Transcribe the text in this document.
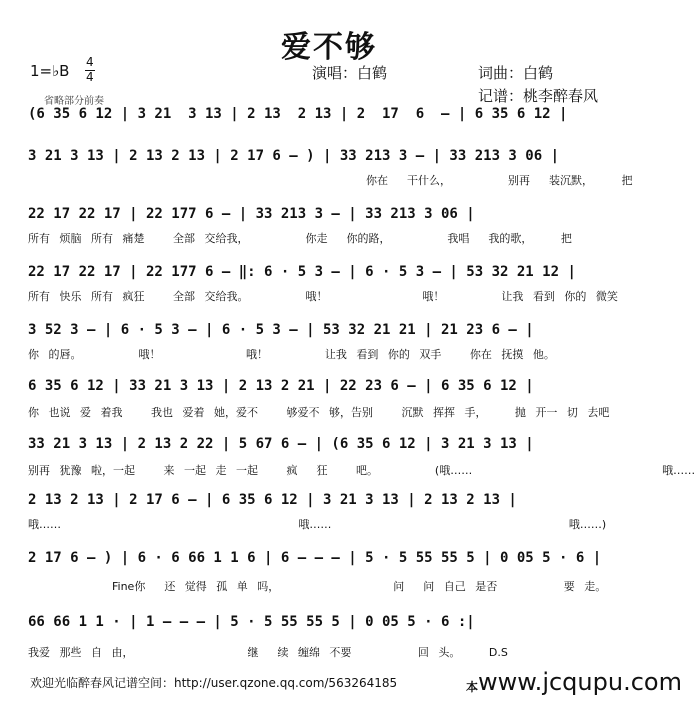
爱不够
1=♭B 4
4	演唱：白鹤	词曲：白鹤
记谱：桃李醉春风
省略部分前奏
(6 35 6 12 | 3 21  3 13 | 2 13  2 13 | 2  17  6  – | 6 35 6 12 |
3 21 3 13 | 2 13 2 13 | 2 17 6 – ) | 33 213 3 – | 33 213 3 06 |
你在  干什么，      别再  装沉默，   把
22 17 22 17 | 22 177 6 – | 33 213 3 – | 33 213 3 06 |
所有 烦脑 所有 痛楚   全部 交给我，      你走  你的路，      我唱  我的歌，   把
22 17 22 17 | 22 177 6 – ‖: 6 · 5 3 – | 6 · 5 3 – | 53 32 21 12 |
所有 快乐 所有 疯狂   全部 交给我。      哦！          哦！      让我 看到 你的 微笑
3 52 3 – | 6 · 5 3 – | 6 · 5 3 – | 53 32 21 21 | 21 23 6 – |
你 的唇。      哦！         哦！      让我 看到 你的 双手   你在 抚摸 他。
6 35 6 12 | 33 21 3 13 | 2 13 2 21 | 22 23 6 – | 6 35 6 12 |
你 也说 爱 着我   我也 爱着 她，爱不   够爱不 够，告别   沉默 挥挥 手，   抛 开一 切 去吧
33 21 3 13 | 2 13 2 22 | 5 67 6 – | (6 35 6 12 | 3 21 3 13 |
别再 犹豫 啦，一起   来 一起 走 一起   疯  狂   吧。      (哦……                    哦……
2 13 2 13 | 2 17 6 – | 6 35 6 12 | 3 21 3 13 | 2 13 2 13 |
哦……                         哦……                         哦……)
2 17 6 – ) | 6 · 6 66 1 1 6 | 6 – – – | 5 · 5 55 55 5 | 0 05 5 · 6 |
Fine你  还 觉得 孤 单 吗，            问  问 自己 是否       要 走。
66 66 1 1 · | 1 – – – | 5 · 5 55 55 5 | 0 05 5 · 6 :|
我爱 那些 自 由，            继  续 缠绵 不要       回 头。   D.S
欢迎光临醉春风记谱空间：http://user.qzone.qq.com/563264185	本 www.jcqupu.com
